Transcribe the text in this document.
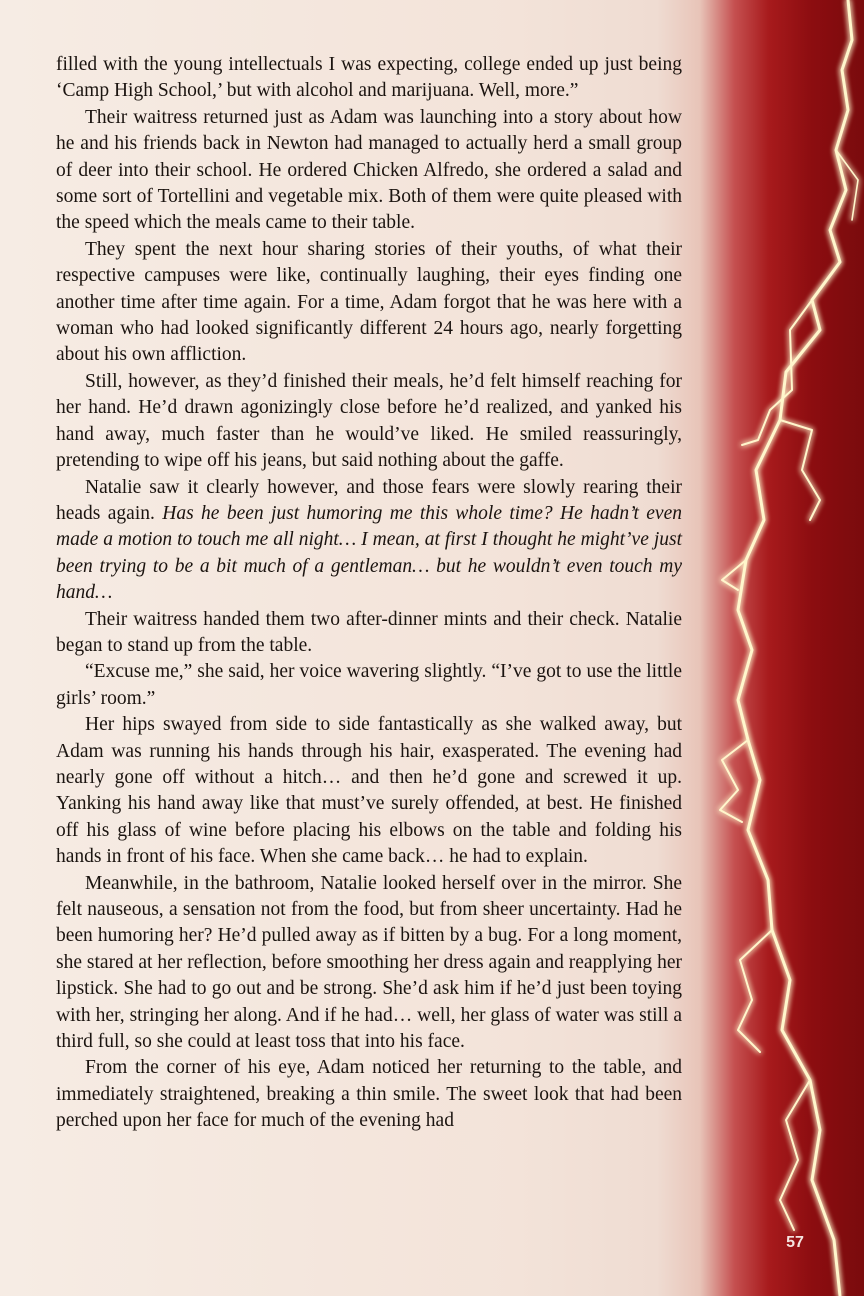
filled with the young intellectuals I was expecting, college ended up just being ‘Camp High School,’ but with alcohol and marijuana. Well, more.”

Their waitress returned just as Adam was launching into a story about how he and his friends back in Newton had managed to actually herd a small group of deer into their school. He ordered Chicken Alfredo, she ordered a salad and some sort of Tortellini and vegetable mix. Both of them were quite pleased with the speed which the meals came to their table.

They spent the next hour sharing stories of their youths, of what their respective campuses were like, continually laughing, their eyes finding one another time after time again. For a time, Adam forgot that he was here with a woman who had looked significantly different 24 hours ago, nearly forgetting about his own affliction.

Still, however, as they’d finished their meals, he’d felt himself reaching for her hand. He’d drawn agonizingly close before he’d realized, and yanked his hand away, much faster than he would’ve liked. He smiled reassuringly, pretending to wipe off his jeans, but said nothing about the gaffe.

Natalie saw it clearly however, and those fears were slowly rearing their heads again. Has he been just humoring me this whole time? He hadn’t even made a motion to touch me all night… I mean, at first I thought he might’ve just been trying to be a bit much of a gentleman… but he wouldn’t even touch my hand…

Their waitress handed them two after-dinner mints and their check. Natalie began to stand up from the table.

“Excuse me,” she said, her voice wavering slightly. “I’ve got to use the little girls’ room.”

Her hips swayed from side to side fantastically as she walked away, but Adam was running his hands through his hair, exasperated. The evening had nearly gone off without a hitch… and then he’d gone and screwed it up. Yanking his hand away like that must’ve surely offended, at best. He finished off his glass of wine before placing his elbows on the table and folding his hands in front of his face. When she came back… he had to explain.

Meanwhile, in the bathroom, Natalie looked herself over in the mirror. She felt nauseous, a sensation not from the food, but from sheer uncertainty. Had he been humoring her? He’d pulled away as if bitten by a bug. For a long moment, she stared at her reflection, before smoothing her dress again and reapplying her lipstick. She had to go out and be strong. She’d ask him if he’d just been toying with her, stringing her along. And if he had… well, her glass of water was still a third full, so she could at least toss that into his face.

From the corner of his eye, Adam noticed her returning to the table, and immediately straightened, breaking a thin smile. The sweet look that had been perched upon her face for much of the evening had

57
